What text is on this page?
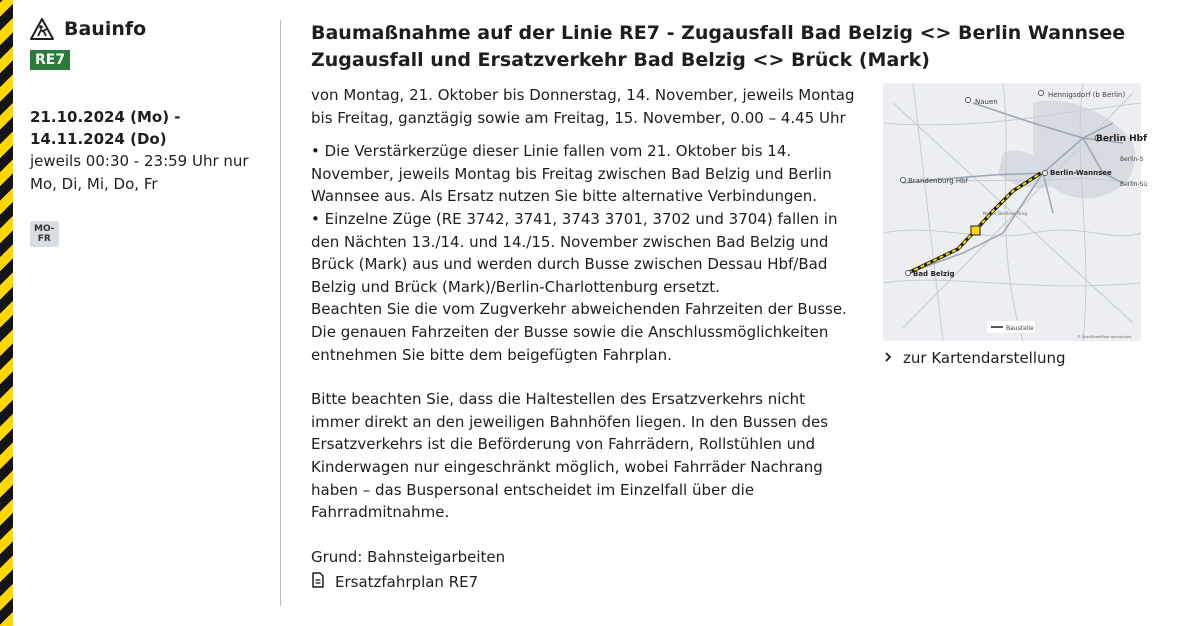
Bauinfo
RE7
21.10.2024 (Mo) -
14.11.2024 (Do)
jeweils 00:30 - 23:59 Uhr nur Mo, Di, Mi, Do, Fr
MO-
FR
Baumaßnahme auf der Linie RE7 - Zugausfall Bad Belzig <> Berlin Wannsee Zugausfall und Ersatzverkehr Bad Belzig <> Brück (Mark)

von Montag, 21. Oktober bis Donnerstag, 14. November, jeweils Montag bis Freitag, ganztägig sowie am Freitag, 15. November, 0.00 – 4.45 Uhr

• Die Verstärkerzüge dieser Linie fallen vom 21. Oktober bis 14. November, jeweils Montag bis Freitag zwischen Bad Belzig und Berlin Wannsee aus. Als Ersatz nutzen Sie bitte alternative Verbindungen.

• Einzelne Züge (RE 3742, 3741, 3743 3701, 3702 und 3704) fallen in den Nächten 13./14. und 14./15. November zwischen Bad Belzig und Brück (Mark) aus und werden durch Busse zwischen Dessau Hbf/Bad Belzig und Brück (Mark)/Berlin-Charlottenburg ersetzt.

Beachten Sie die vom Zugverkehr abweichenden Fahrzeiten der Busse. Die genauen Fahrzeiten der Busse sowie die Anschlussmöglichkeiten entnehmen Sie bitte dem beigefügten Fahrplan.

Bitte beachten Sie, dass die Haltestellen des Ersatzverkehrs nicht immer direkt an den jeweiligen Bahnhöfen liegen. In den Bussen des Ersatzverkehrs ist die Beförderung von Fahrrädern, Rollstühlen und Kinderwagen nur eingeschränkt möglich, wobei Fahrräder Nachrang haben – das Buspersonal entscheidet im Einzelfall über die Fahrradmitnahme.

Grund: Bahnsteigarbeiten

Nauen
Hennigsdorf (b Berlin)
Berlin Hbf
Berlin-S
Berlin-Sü
Brandenburg Hbf
Berlin-Wannsee
Neuer Berliner Ring
Bad Belzig
Baustelle
© OpenStreetMap contributors
zur Kartendarstellung
Ersatzfahrplan RE7
